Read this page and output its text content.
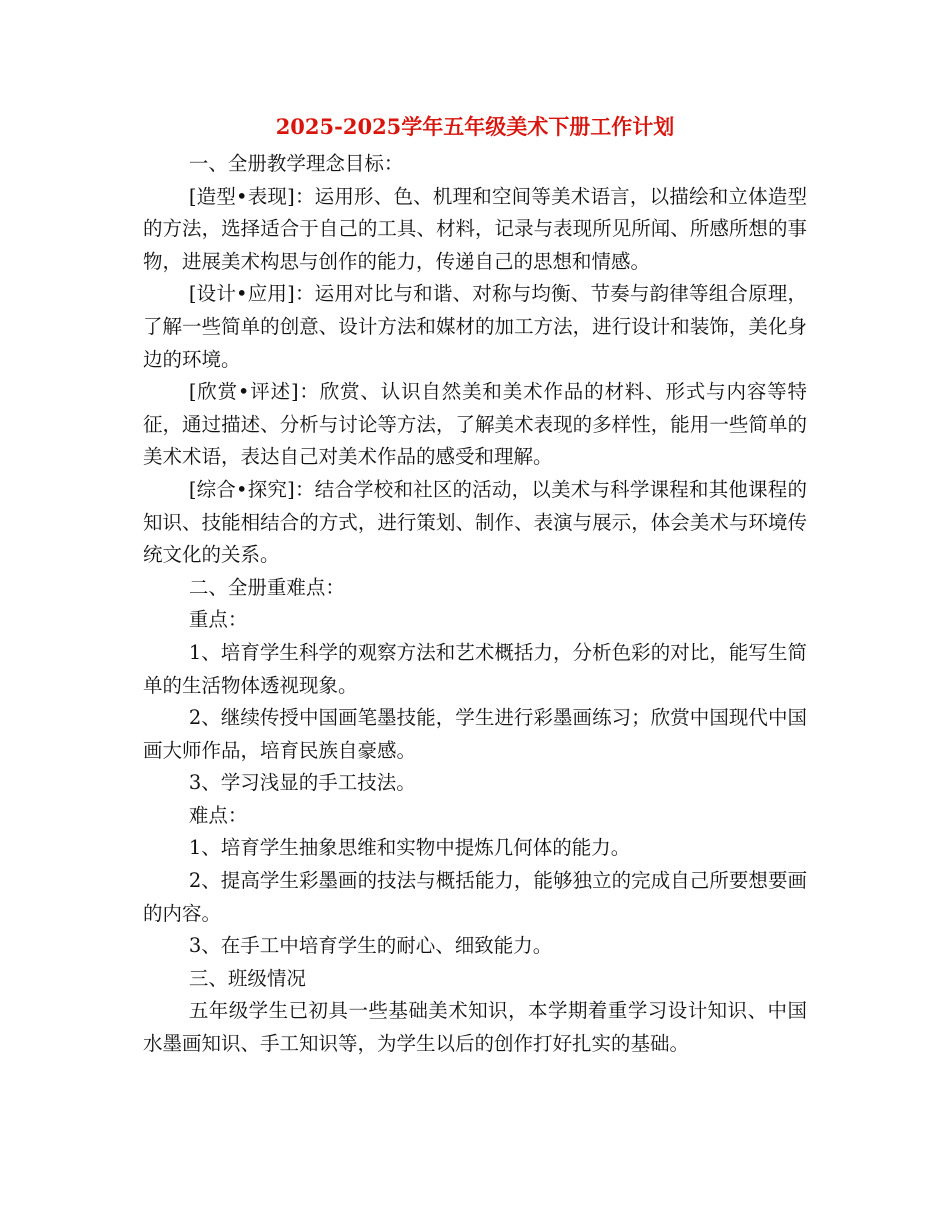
2025-2025学年五年级美术下册工作计划

一、全册教学理念目标：

[造型•表现]：运用形、色、机理和空间等美术语言，以描绘和立体造型的方法，选择适合于自己的工具、材料，记录与表现所见所闻、所感所想的事物，进展美术构思与创作的能力，传递自己的思想和情感。

[设计•应用]：运用对比与和谐、对称与均衡、节奏与韵律等组合原理，了解一些简单的创意、设计方法和媒材的加工方法，进行设计和装饰，美化身边的环境。

[欣赏•评述]：欣赏、认识自然美和美术作品的材料、形式与内容等特征，通过描述、分析与讨论等方法，了解美术表现的多样性，能用一些简单的美术术语，表达自己对美术作品的感受和理解。

[综合•探究]：结合学校和社区的活动，以美术与科学课程和其他课程的知识、技能相结合的方式，进行策划、制作、表演与展示，体会美术与环境传统文化的关系。

二、全册重难点：

重点：

1、培育学生科学的观察方法和艺术概括力，分析色彩的对比，能写生简单的生活物体透视现象。

2、继续传授中国画笔墨技能，学生进行彩墨画练习；欣赏中国现代中国画大师作品，培育民族自豪感。

3、学习浅显的手工技法。

难点：

1、培育学生抽象思维和实物中提炼几何体的能力。

2、提高学生彩墨画的技法与概括能力，能够独立的完成自己所要想要画的内容。

3、在手工中培育学生的耐心、细致能力。

三、班级情况

五年级学生已初具一些基础美术知识，本学期着重学习设计知识、中国水墨画知识、手工知识等，为学生以后的创作打好扎实的基础。
